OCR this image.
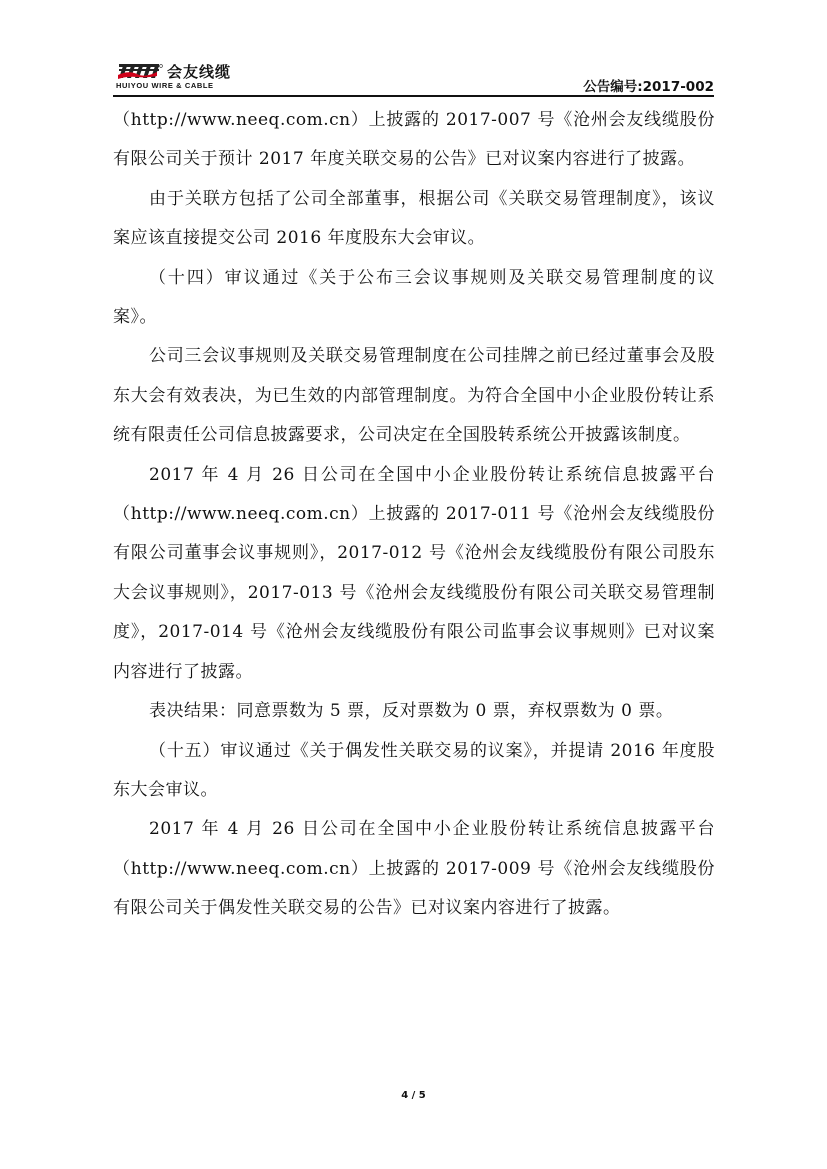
会友线缆
HUIYOU WIRE & CABLE	公告编号:2017-002

（http://www.neeq.com.cn）上披露的 2017-007 号《沧州会友线缆股份有限公司关于预计 2017 年度关联交易的公告》已对议案内容进行了披露。

由于关联方包括了公司全部董事，根据公司《关联交易管理制度》，该议案应该直接提交公司 2016 年度股东大会审议。

（十四）审议通过《关于公布三会议事规则及关联交易管理制度的议案》。

公司三会议事规则及关联交易管理制度在公司挂牌之前已经过董事会及股东大会有效表决，为已生效的内部管理制度。为符合全国中小企业股份转让系统有限责任公司信息披露要求，公司决定在全国股转系统公开披露该制度。

2017 年 4 月 26 日公司在全国中小企业股份转让系统信息披露平台（http://www.neeq.com.cn）上披露的 2017-011 号《沧州会友线缆股份有限公司董事会议事规则》，2017-012 号《沧州会友线缆股份有限公司股东大会议事规则》，2017-013 号《沧州会友线缆股份有限公司关联交易管理制度》，2017-014 号《沧州会友线缆股份有限公司监事会议事规则》已对议案内容进行了披露。

表决结果：同意票数为 5 票，反对票数为 0 票，弃权票数为 0 票。

（十五）审议通过《关于偶发性关联交易的议案》，并提请 2016 年度股东大会审议。

2017 年 4 月 26 日公司在全国中小企业股份转让系统信息披露平台（http://www.neeq.com.cn）上披露的 2017-009 号《沧州会友线缆股份有限公司关于偶发性关联交易的公告》已对议案内容进行了披露。

4 / 5
